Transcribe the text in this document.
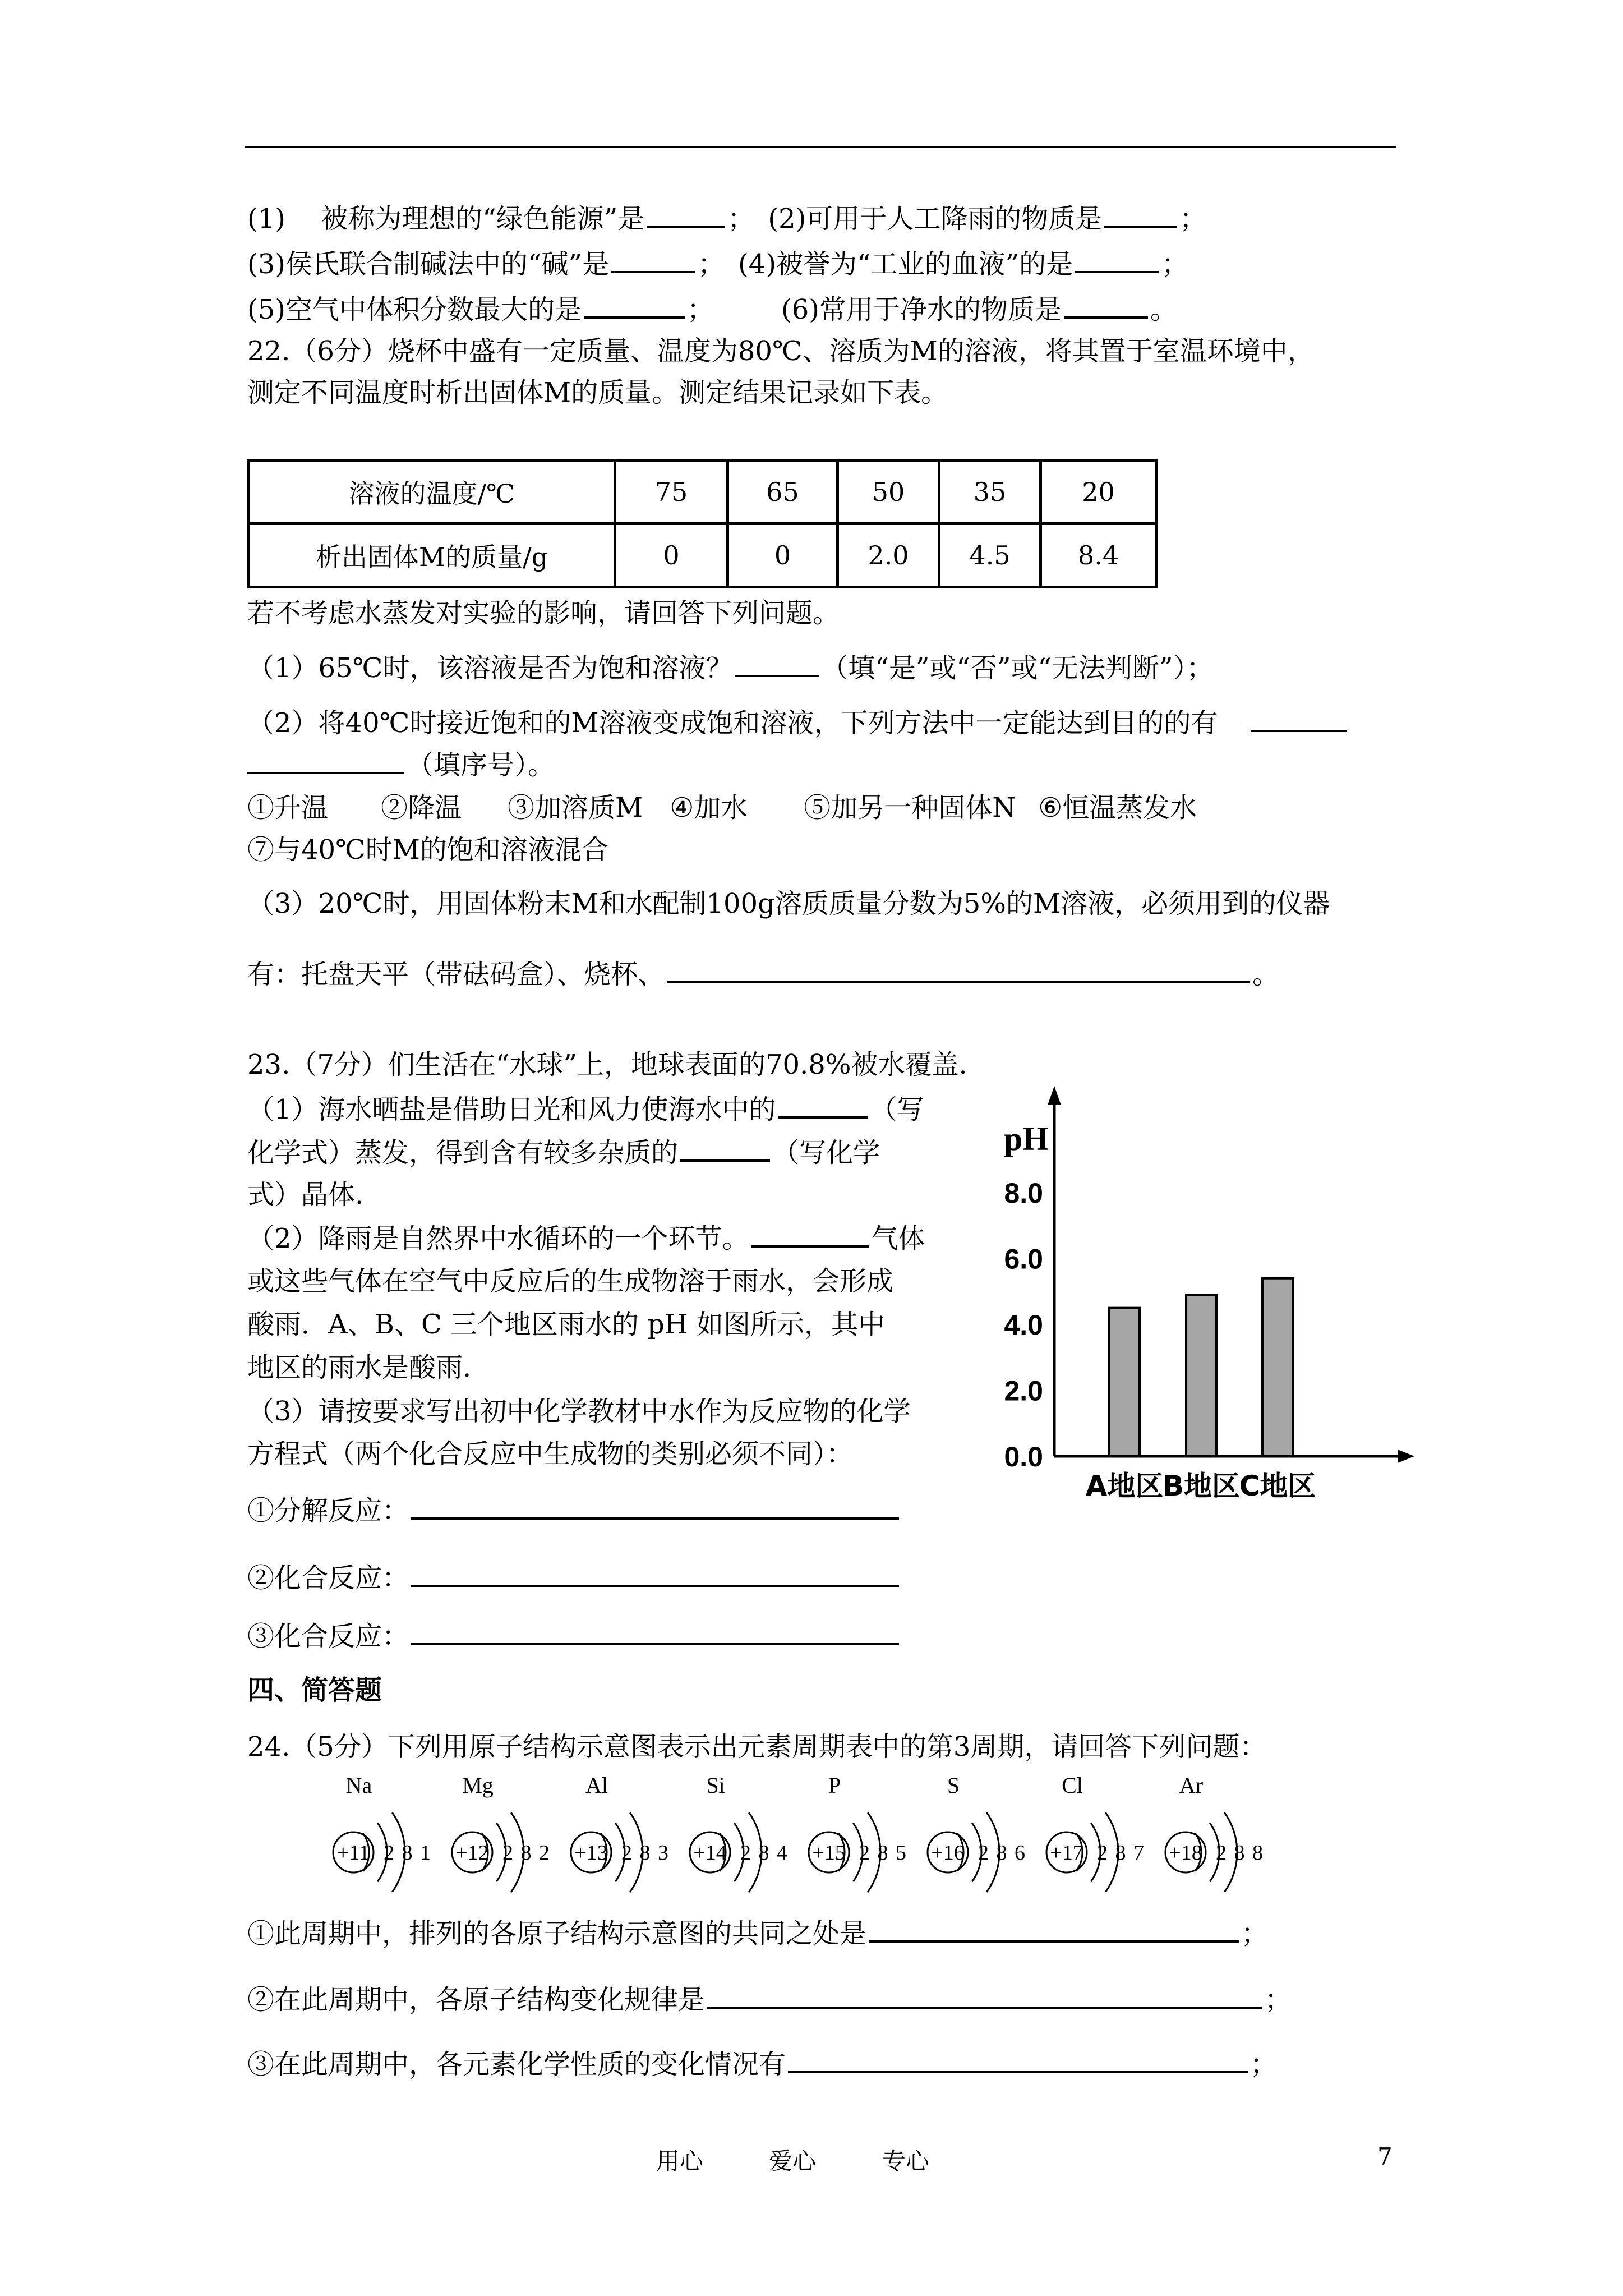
(1)　 被称为理想的“绿色能源”是	；　(2)可用于人工降雨的物质是	；
(3)侯氏联合制碱法中的“碱”是	；　(4)被誉为“工业的血液”的是	；
(5)空气中体积分数最大的是	；　　　(6)常用于净水的物质是	。
22.（6分）烧杯中盛有一定质量、温度为80℃、溶质为M的溶液，将其置于室温环境中，
测定不同温度时析出固体M的质量。测定结果记录如下表。
溶液的温度/℃	75	65	50	35	20
析出固体M的质量/g	0	0	2.0	4.5	8.4
若不考虑水蒸发对实验的影响，请回答下列问题。
（1）65℃时，该溶液是否为饱和溶液？	（填“是”或“否”或“无法判断”）；
（2）将40℃时接近饱和的M溶液变成饱和溶液，下列方法中一定能达到目的的有
（填序号）。
①升温 ②降温 ③加溶质M ④加水 ⑤加另一种固体N ⑥恒温蒸发水
⑦与40℃时M的饱和溶液混合
（3）20℃时，用固体粉末M和水配制100g溶质质量分数为5%的M溶液，必须用到的仪器
有：托盘天平（带砝码盒）、烧杯、	。
23.（7分）们生活在“水球”上，地球表面的70.8%被水覆盖.
（1）海水晒盐是借助日光和风力使海水中的	（写
化学式）蒸发，得到含有较多杂质的	（写化学
式）晶体.
（2）降雨是自然界中水循环的一个环节。	气体
或这些气体在空气中反应后的生成物溶于雨水，会形成
酸雨．A、B、C 三个地区雨水的 pH 如图所示，其中
地区的雨水是酸雨.
（3）请按要求写出初中化学教材中水作为反应物的化学
方程式（两个化合反应中生成物的类别必须不同）：
①分解反应：
②化合反应：
③化合反应：
pH
0.0
2.0
4.0
6.0
8.0
A地区
B地区
C地区
四、简答题
24.（5分）下列用原子结构示意图表示出元素周期表中的第3周期，请回答下列问题：
Na
+11 2 8 1
Mg
+12 2 8 2
Al
+13 2 8 3
Si
+14 2 8 4
P
+15 2 8 5
S
+16 2 8 6
Cl
+17 2 8 7
Ar
+18 2 8 8
①此周期中，排列的各原子结构示意图的共同之处是	；
②在此周期中，各原子结构变化规律是	；
③在此周期中，各元素化学性质的变化情况有	；
用心	爱心	专心	7
